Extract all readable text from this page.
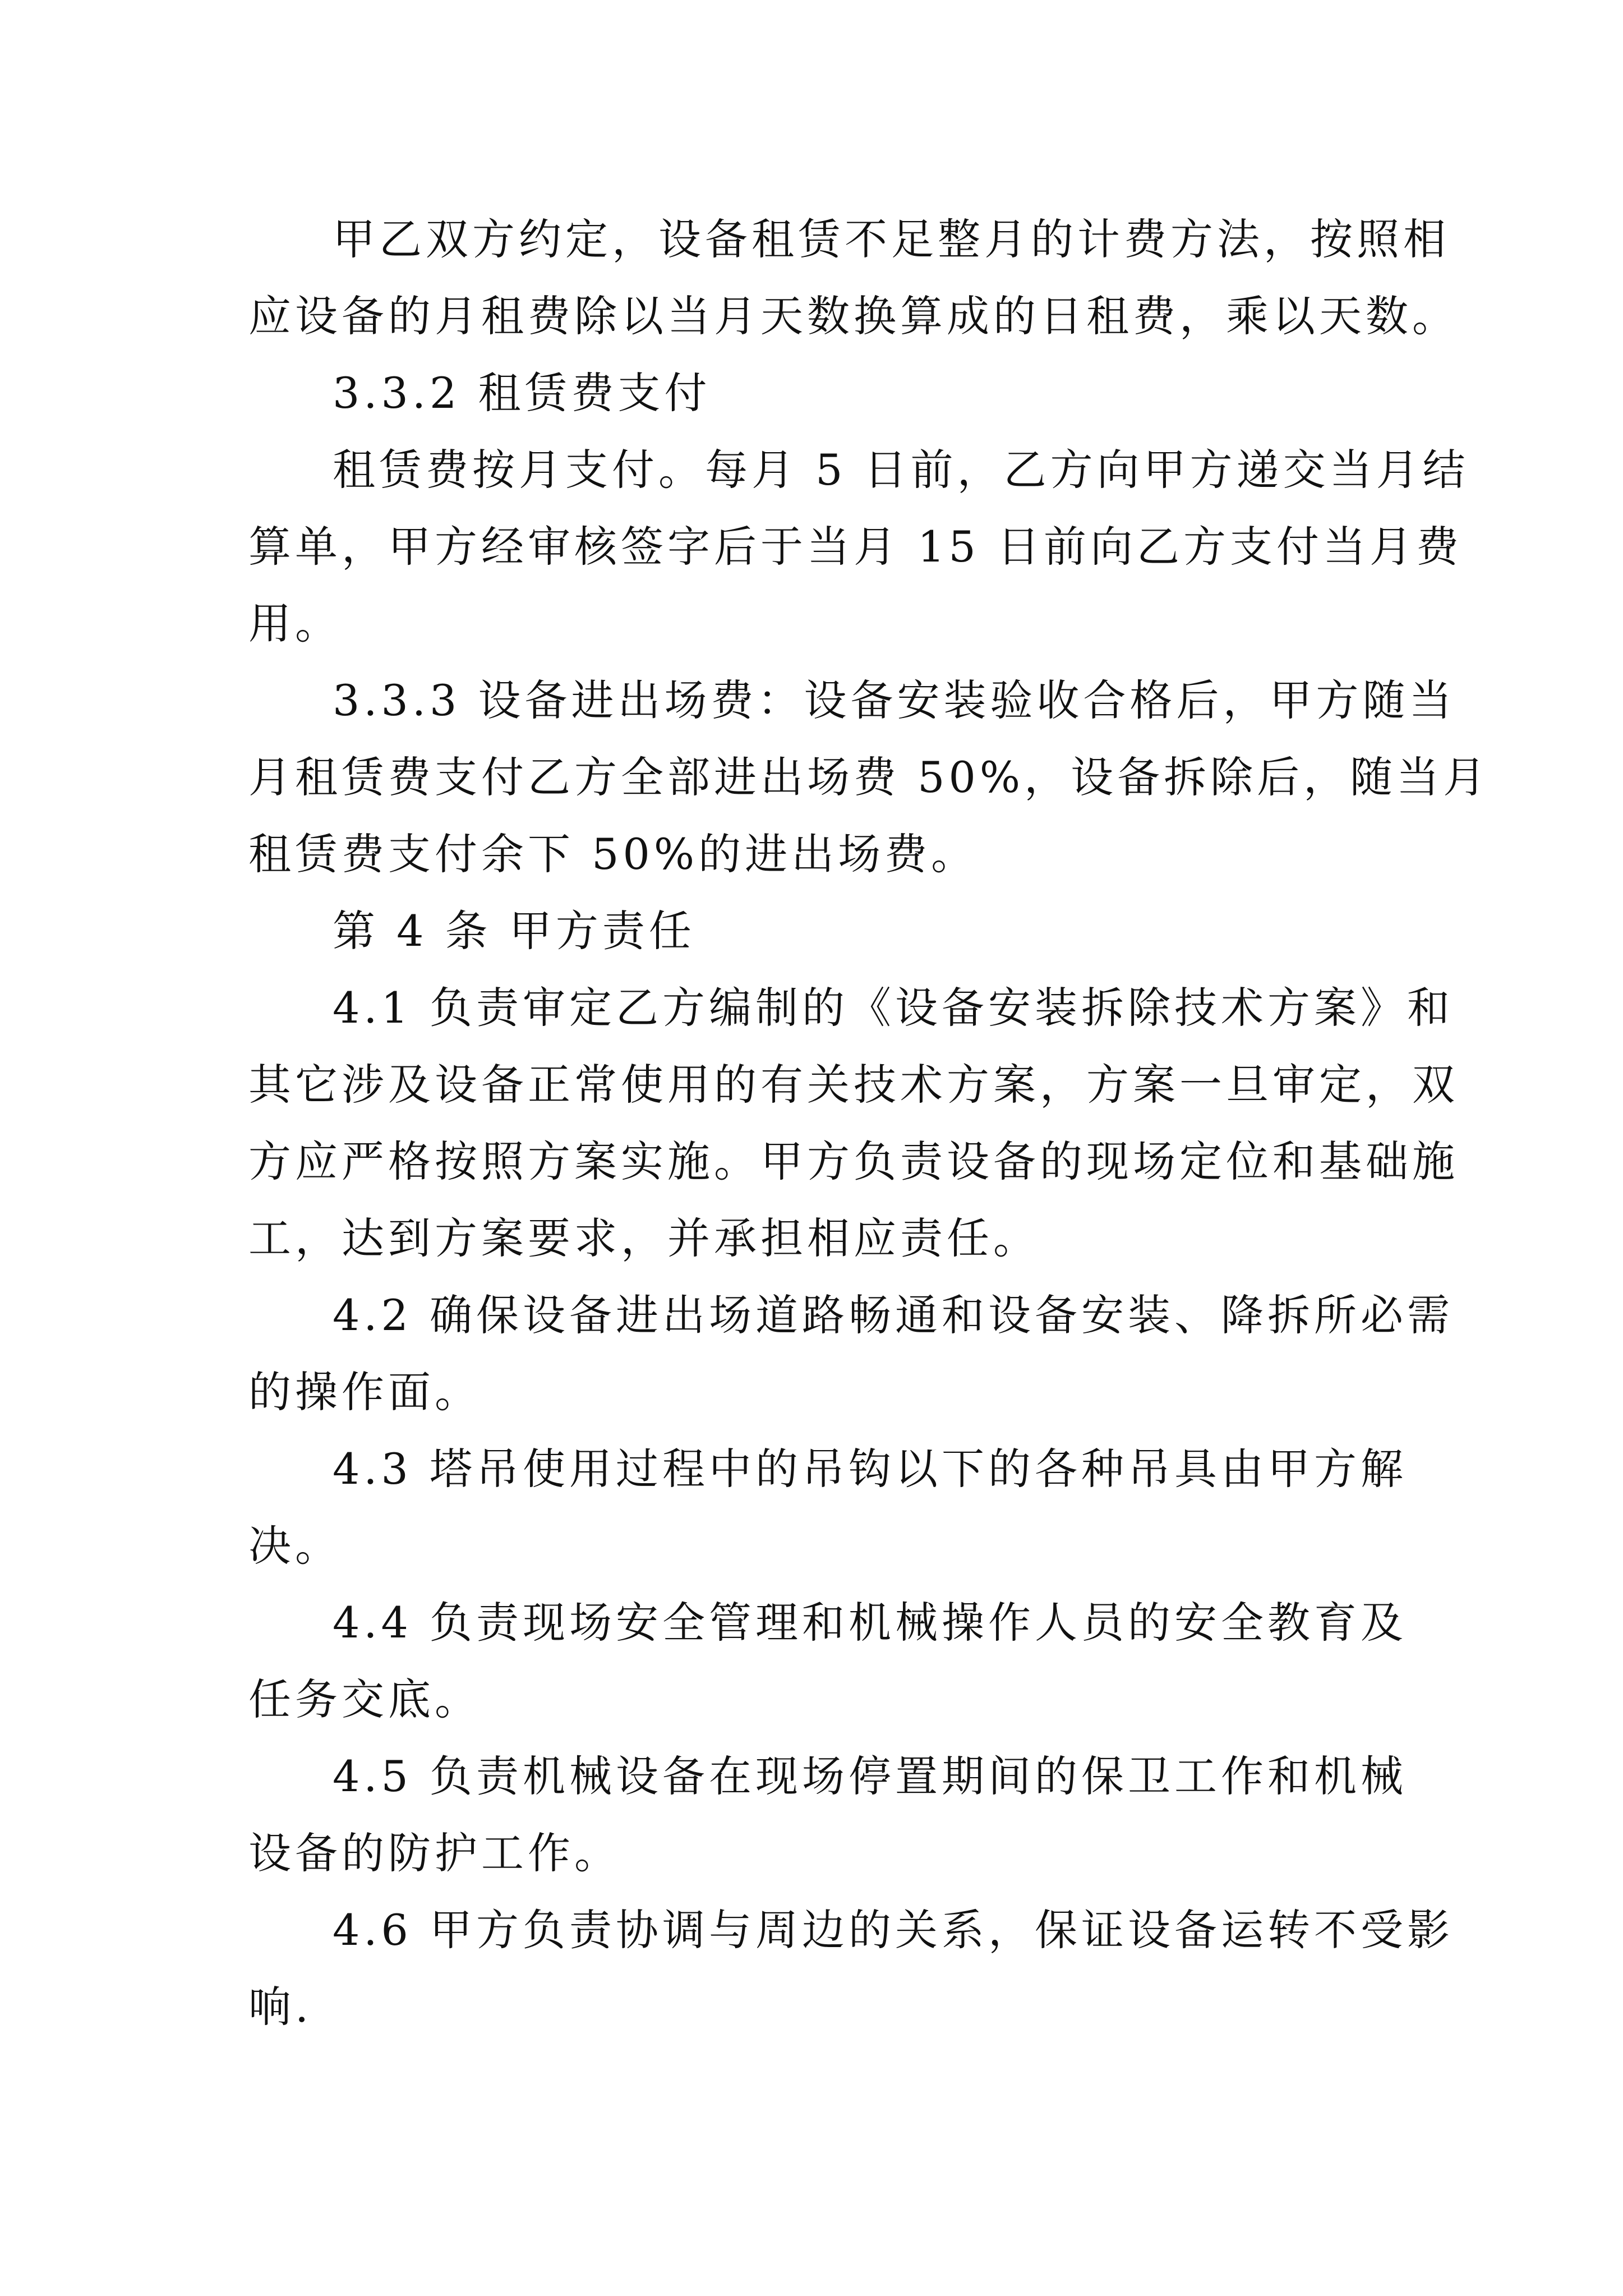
甲乙双方约定，设备租赁不足整月的计费方法，按照相
应设备的月租费除以当月天数换算成的日租费，乘以天数。
3.3.2 租赁费支付
租赁费按月支付。每月 5 日前，乙方向甲方递交当月结
算单，甲方经审核签字后于当月 15 日前向乙方支付当月费
用。
3.3.3 设备进出场费：设备安装验收合格后，甲方随当
月租赁费支付乙方全部进出场费 50%，设备拆除后，随当月
租赁费支付余下 50%的进出场费。
第 4 条 甲方责任
4.1 负责审定乙方编制的《设备安装拆除技术方案》和
其它涉及设备正常使用的有关技术方案，方案一旦审定，双
方应严格按照方案实施。甲方负责设备的现场定位和基础施
工，达到方案要求，并承担相应责任。
4.2 确保设备进出场道路畅通和设备安装、降拆所必需
的操作面。
4.3 塔吊使用过程中的吊钩以下的各种吊具由甲方解
决。
4.4 负责现场安全管理和机械操作人员的安全教育及
任务交底。
4.5 负责机械设备在现场停置期间的保卫工作和机械
设备的防护工作。
4.6 甲方负责协调与周边的关系，保证设备运转不受影
响.
